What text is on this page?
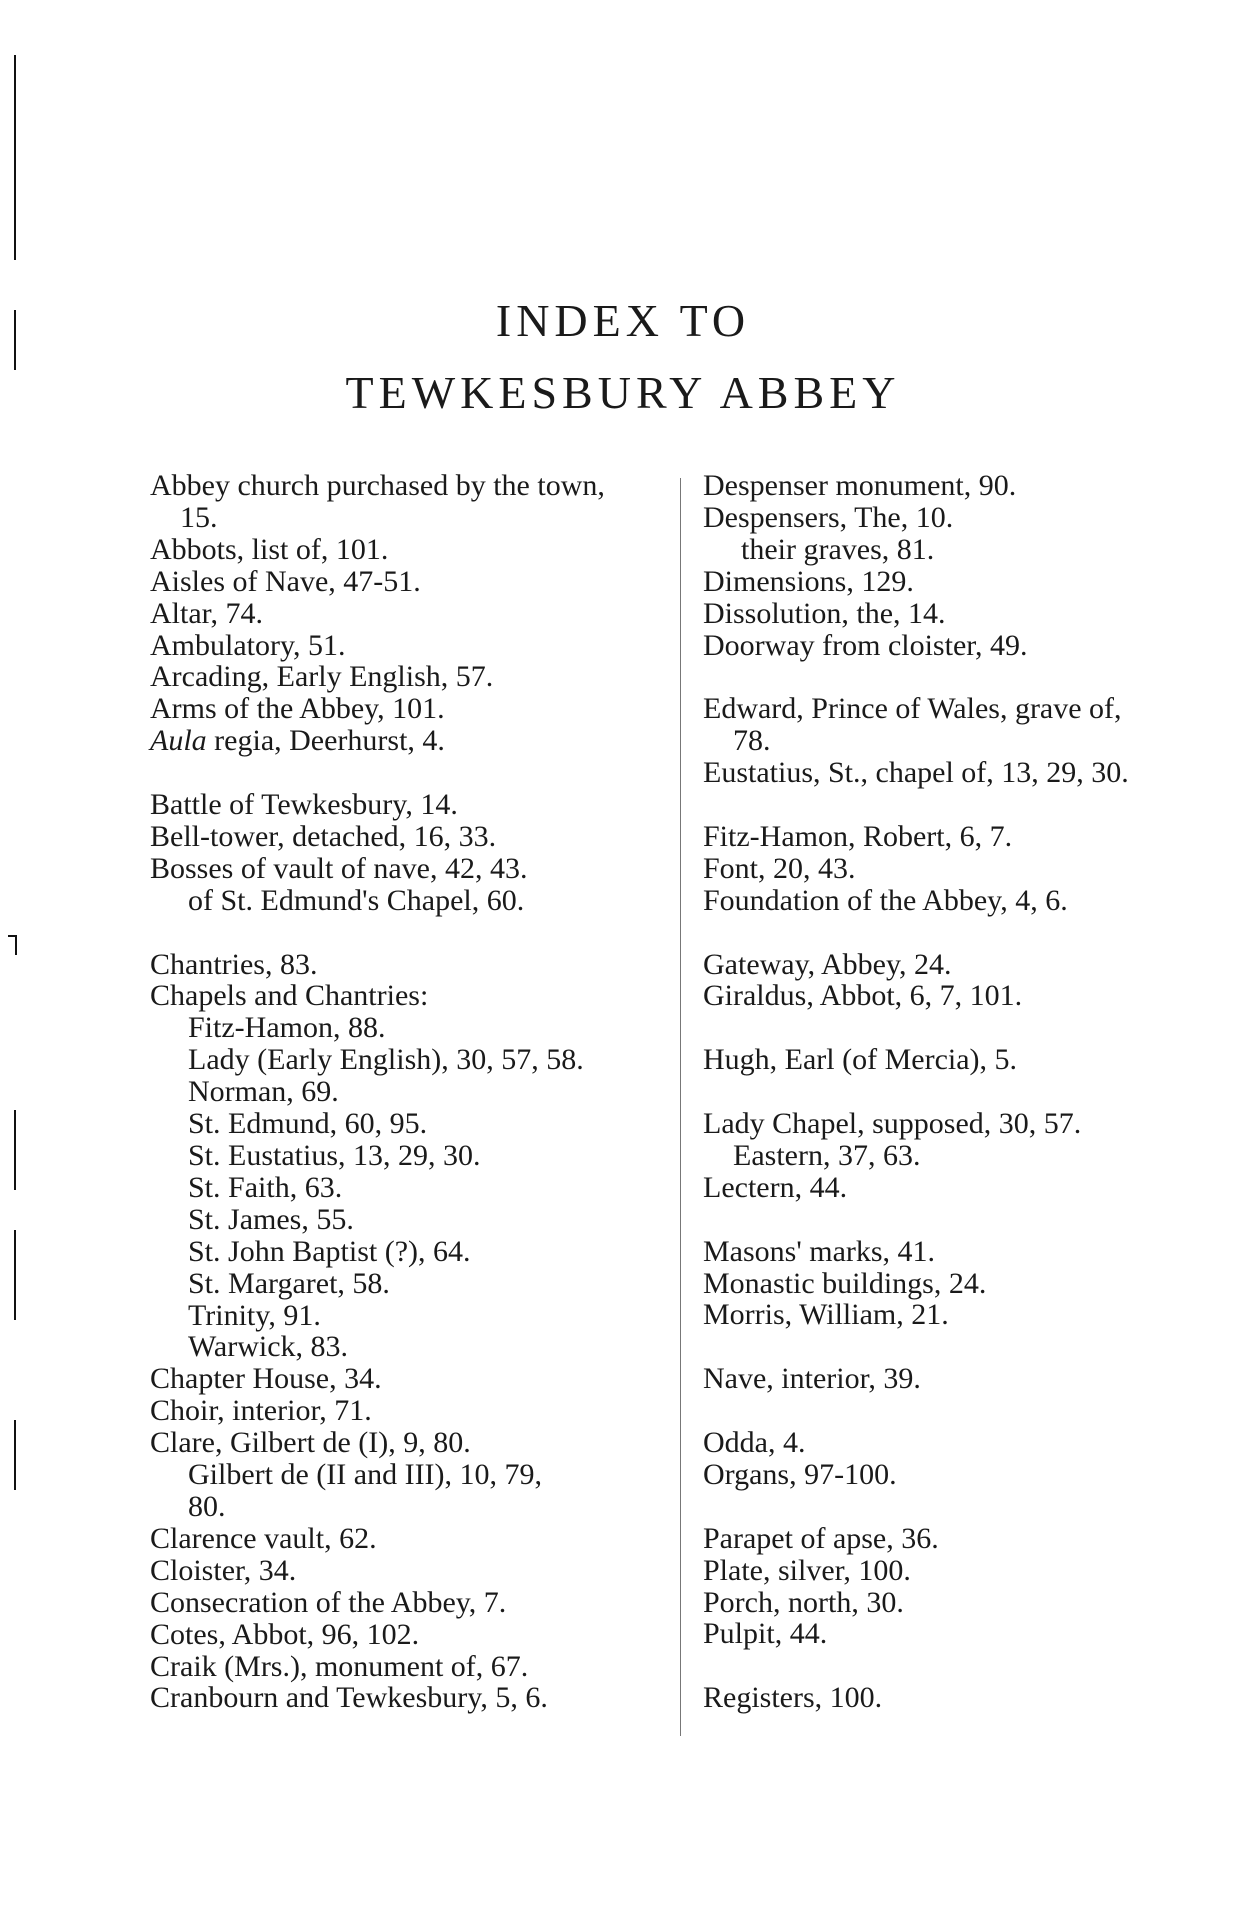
INDEX TO
TEWKESBURY ABBEY
Abbey church purchased by the town,
15.
Abbots, list of, 101.
Aisles of Nave, 47-51.
Altar, 74.
Ambulatory, 51.
Arcading, Early English, 57.
Arms of the Abbey, 101.
Aula regia, Deerhurst, 4.
Battle of Tewkesbury, 14.
Bell-tower, detached, 16, 33.
Bosses of vault of nave, 42, 43.
of St. Edmund's Chapel, 60.
Chantries, 83.
Chapels and Chantries:
Fitz-Hamon, 88.
Lady (Early English), 30, 57, 58.
Norman, 69.
St. Edmund, 60, 95.
St. Eustatius, 13, 29, 30.
St. Faith, 63.
St. James, 55.
St. John Baptist (?), 64.
St. Margaret, 58.
Trinity, 91.
Warwick, 83.
Chapter House, 34.
Choir, interior, 71.
Clare, Gilbert de (I), 9, 80.
Gilbert de (II and III), 10, 79,
80.
Clarence vault, 62.
Cloister, 34.
Consecration of the Abbey, 7.
Cotes, Abbot, 96, 102.
Craik (Mrs.), monument of, 67.
Cranbourn and Tewkesbury, 5, 6.
Despenser monument, 90.
Despensers, The, 10.
their graves, 81.
Dimensions, 129.
Dissolution, the, 14.
Doorway from cloister, 49.
Edward, Prince of Wales, grave of,
78.
Eustatius, St., chapel of, 13, 29, 30.
Fitz-Hamon, Robert, 6, 7.
Font, 20, 43.
Foundation of the Abbey, 4, 6.
Gateway, Abbey, 24.
Giraldus, Abbot, 6, 7, 101.
Hugh, Earl (of Mercia), 5.
Lady Chapel, supposed, 30, 57.
Eastern, 37, 63.
Lectern, 44.
Masons' marks, 41.
Monastic buildings, 24.
Morris, William, 21.
Nave, interior, 39.
Odda, 4.
Organs, 97-100.
Parapet of apse, 36.
Plate, silver, 100.
Porch, north, 30.
Pulpit, 44.
Registers, 100.
